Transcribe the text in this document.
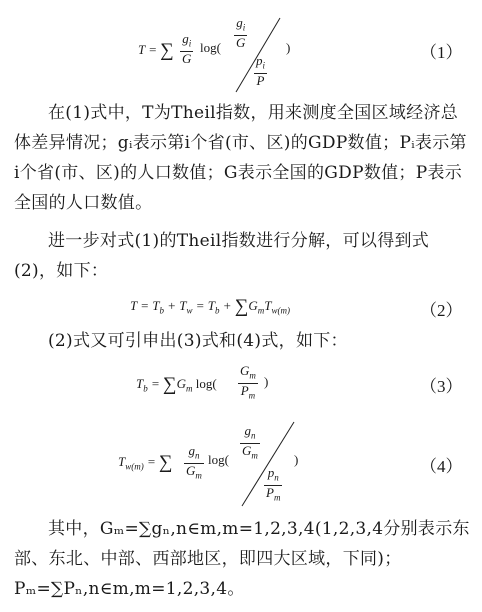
T = ∑ $\frac{g_i}{G} \log( \frac{g_i}{G}$
$\frac{p_i}{P}$
)	（1）
在(1)式中，T为Theil指数，用来测度全国区域经济总体差异情况；gᵢ表示第i个省(市、区)的GDP数值；Pᵢ表示第i个省(市、区)的人口数值；G表示全国的GDP数值；P表示全国的人口数值。
进一步对式(1)的Theil指数进行分解，可以得到式(2)，如下：
$T = T_b + T_w = T_b + \sum G_mT_{w(m)}$	（2）
(2)式又可引申出(3)式和(4)式，如下：
$T_b = \sum G_m$ $\log( \frac{G_m}{P_m}$ )	（3）
$T_{w(m)}$ = ∑ $\frac{g_n}{G_m} \log( \frac{g_n}{G_m}$
$\frac{p_n}{P_m}$
)	（4）
其中，Gₘ=∑gₙ,n∈m,m=1,2,3,4(1,2,3,4分别表示东部、东北、中部、西部地区，即四大区域，下同)；Pₘ=∑Pₙ,n∈m,m=1,2,3,4。
